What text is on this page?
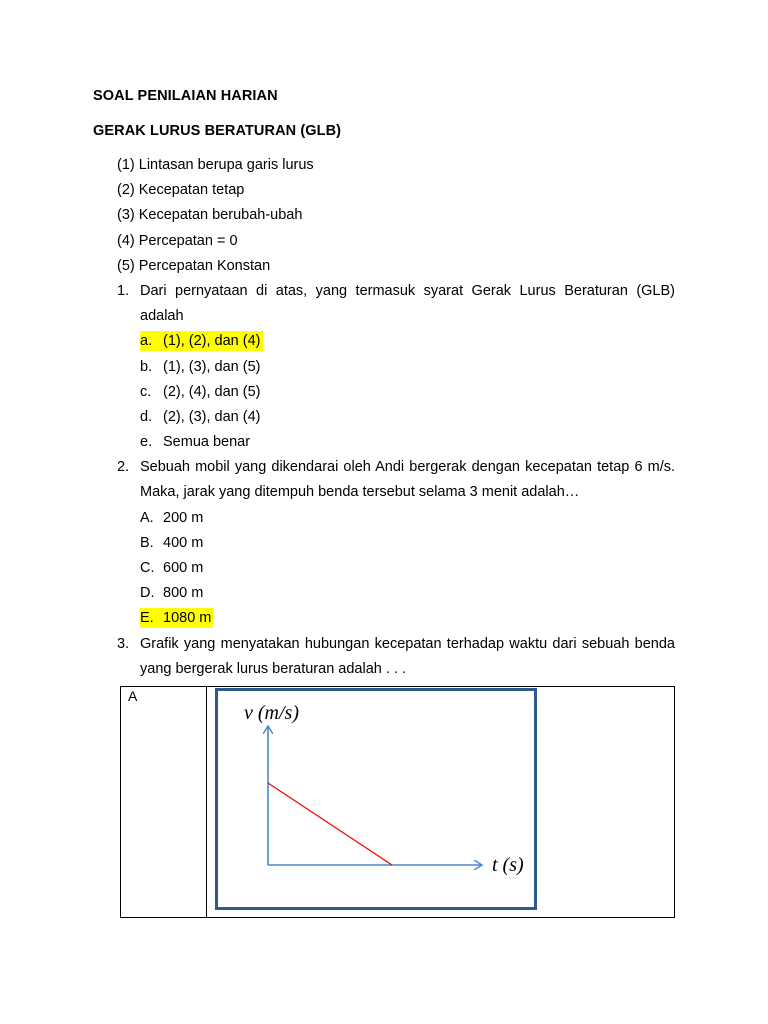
SOAL PENILAIAN HARIAN
GERAK LURUS BERATURAN (GLB)
(1) Lintasan berupa garis lurus
(2) Kecepatan tetap
(3) Kecepatan berubah-ubah
(4) Percepatan = 0
(5) Percepatan Konstan
1. Dari pernyataan di atas, yang termasuk syarat Gerak Lurus Beraturan (GLB) adalah
a. (1), (2), dan (4)
b. (1), (3), dan (5)
c. (2), (4), dan (5)
d. (2), (3), dan (4)
e. Semua benar
2. Sebuah mobil yang dikendarai oleh Andi bergerak dengan kecepatan tetap 6 m/s. Maka, jarak yang ditempuh benda tersebut selama 3 menit adalah…
A. 200 m
B. 400 m
C. 600 m
D. 800 m
E. 1080 m
3. Grafik yang menyatakan hubungan kecepatan terhadap waktu dari sebuah benda yang bergerak lurus beraturan adalah . . .
A
v (m/s)
t (s)
